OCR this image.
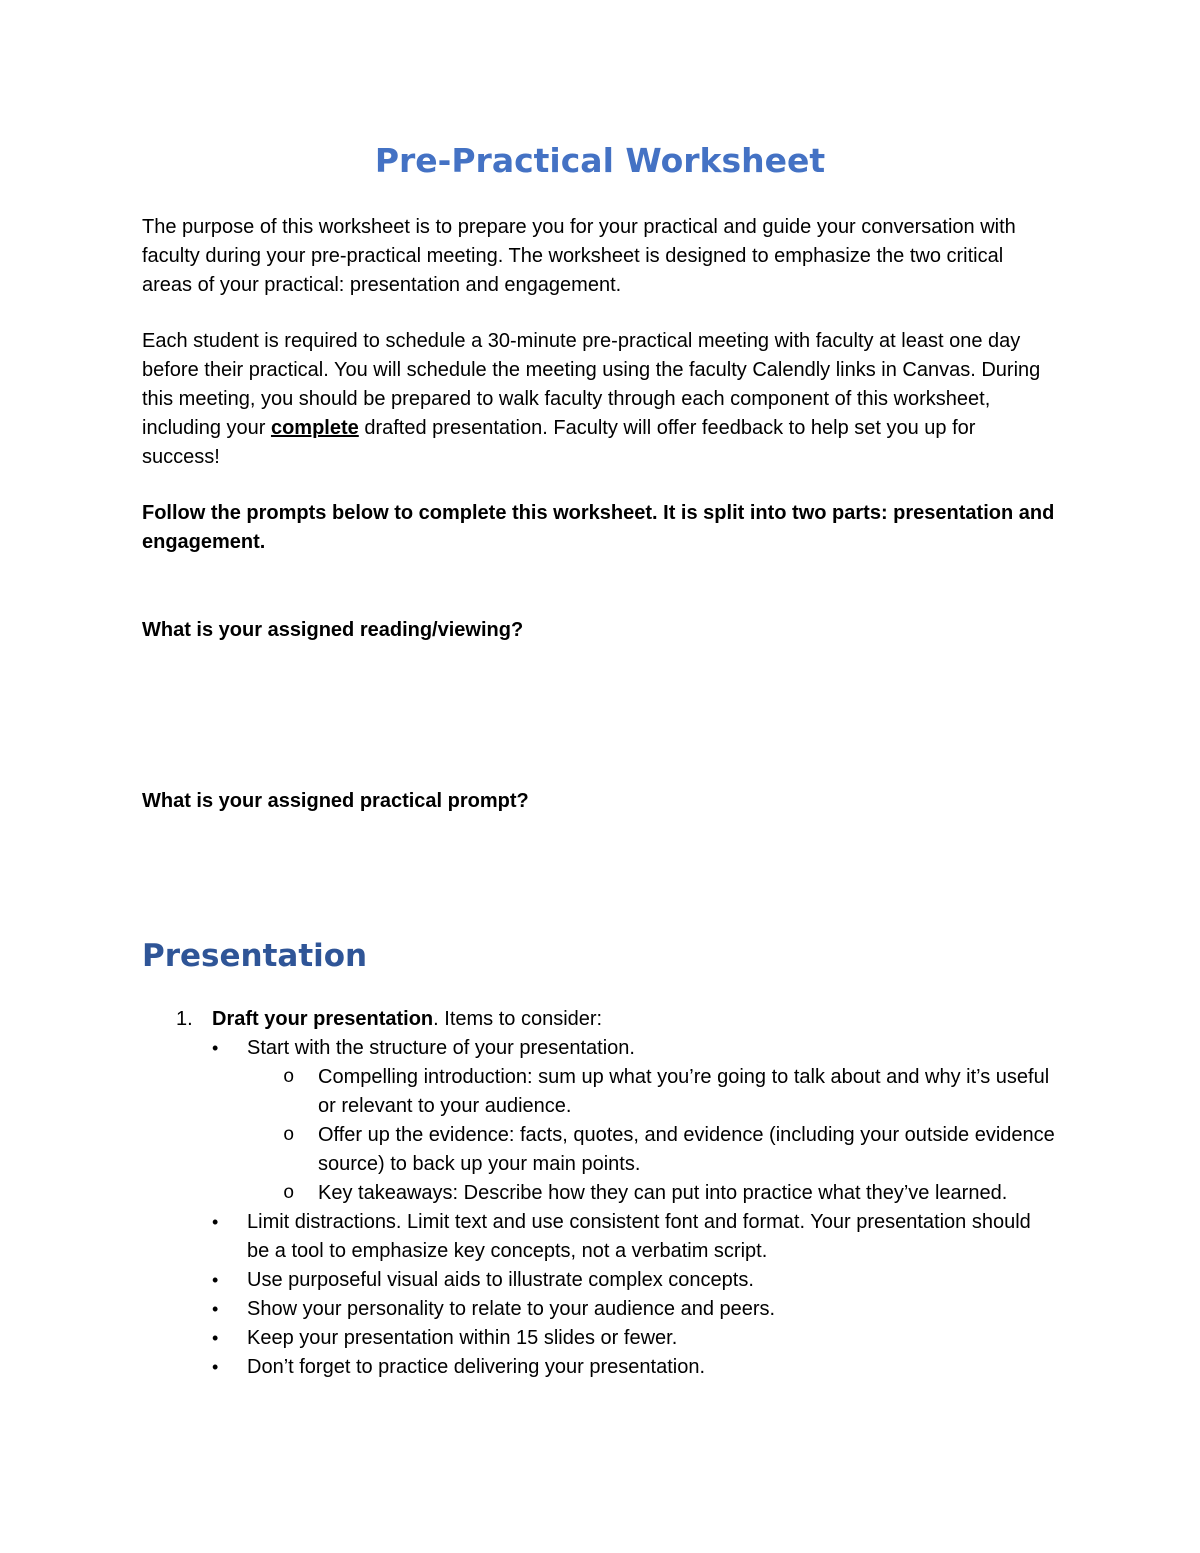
Pre-Practical Worksheet

The purpose of this worksheet is to prepare you for your practical and guide your conversation with faculty during your pre-practical meeting. The worksheet is designed to emphasize the two critical areas of your practical: presentation and engagement.

Each student is required to schedule a 30-minute pre-practical meeting with faculty at least one day before their practical. You will schedule the meeting using the faculty Calendly links in Canvas. During this meeting, you should be prepared to walk faculty through each component of this worksheet, including your complete drafted presentation. Faculty will offer feedback to help set you up for success!

Follow the prompts below to complete this worksheet. It is split into two parts: presentation and engagement.

What is your assigned reading/viewing?

What is your assigned practical prompt?

Presentation
1. Draft your presentation. Items to consider:
• Start with the structure of your presentation.
o Compelling introduction: sum up what you’re going to talk about and why it’s useful or relevant to your audience.
o Offer up the evidence: facts, quotes, and evidence (including your outside evidence source) to back up your main points.
o Key takeaways: Describe how they can put into practice what they’ve learned.
• Limit distractions. Limit text and use consistent font and format. Your presentation should be a tool to emphasize key concepts, not a verbatim script.
• Use purposeful visual aids to illustrate complex concepts.
• Show your personality to relate to your audience and peers.
• Keep your presentation within 15 slides or fewer.
• Don’t forget to practice delivering your presentation.
